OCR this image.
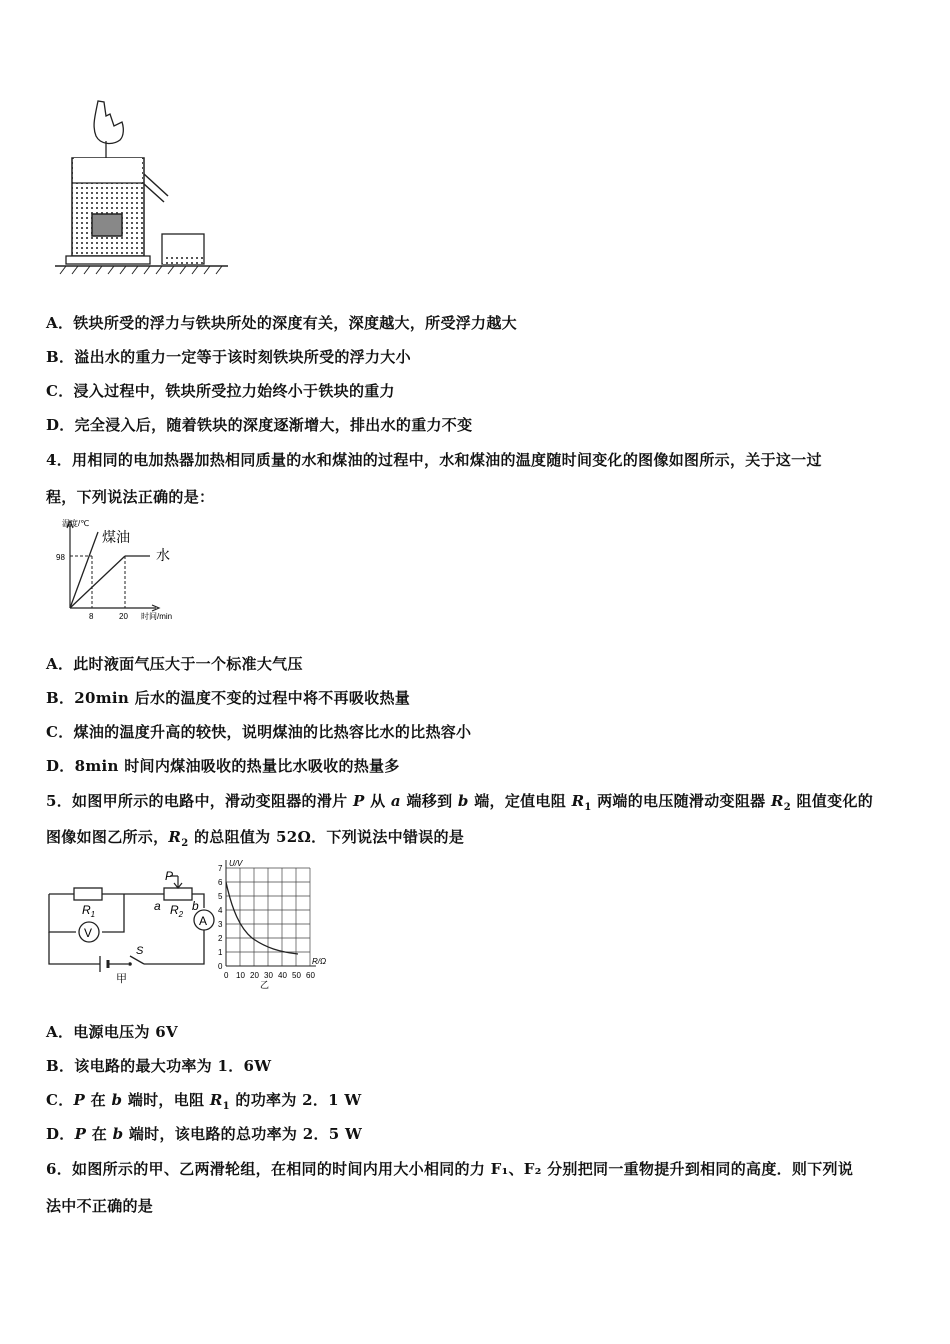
A．铁块所受的浮力与铁块所处的深度有关，深度越大，所受浮力越大
B．溢出水的重力一定等于该时刻铁块所受的浮力大小
C．浸入过程中，铁块所受拉力始终小于铁块的重力
D．完全浸入后，随着铁块的深度逐渐增大，排出水的重力不变
4．用相同的电加热器加热相同质量的水和煤油的过程中，水和煤油的温度随时间变化的图像如图所示，关于这一过
程，下列说法正确的是：
温度/℃
煤油
水
98
8	20 时间/min
A．此时液面气压大于一个标准大气压
B．20min 后水的温度不变的过程中将不再吸收热量
C．煤油的温度升高的较快，说明煤油的比热容比水的比热容小
D．8min 时间内煤油吸收的热量比水吸收的热量多
5．如图甲所示的电路中，滑动变阻器的滑片 P 从 a 端移到 b 端，定值电阻 $R_1$ 两端的电压随滑动变阻器 $R_2$ 阻值变化的
图像如图乙所示，$R_2$ 的总阻值为 52Ω．下列说法中错误的是
V
A
$R_1$
P
a $R_2$
b
S
甲
U/V
R/Ω
0
1
2
3
4
5
6
7
0 10 20 30 40 50 60
乙
A．电源电压为 6V
B．该电路的最大功率为 1．6W
C．P 在 b 端时，电阻 $R_1$ 的功率为 2．1 W
D．P 在 b 端时，该电路的总功率为 2．5 W
6．如图所示的甲、乙两滑轮组，在相同的时间内用大小相同的力 F₁、F₂ 分别把同一重物提升到相同的高度．则下列说
法中不正确的是
